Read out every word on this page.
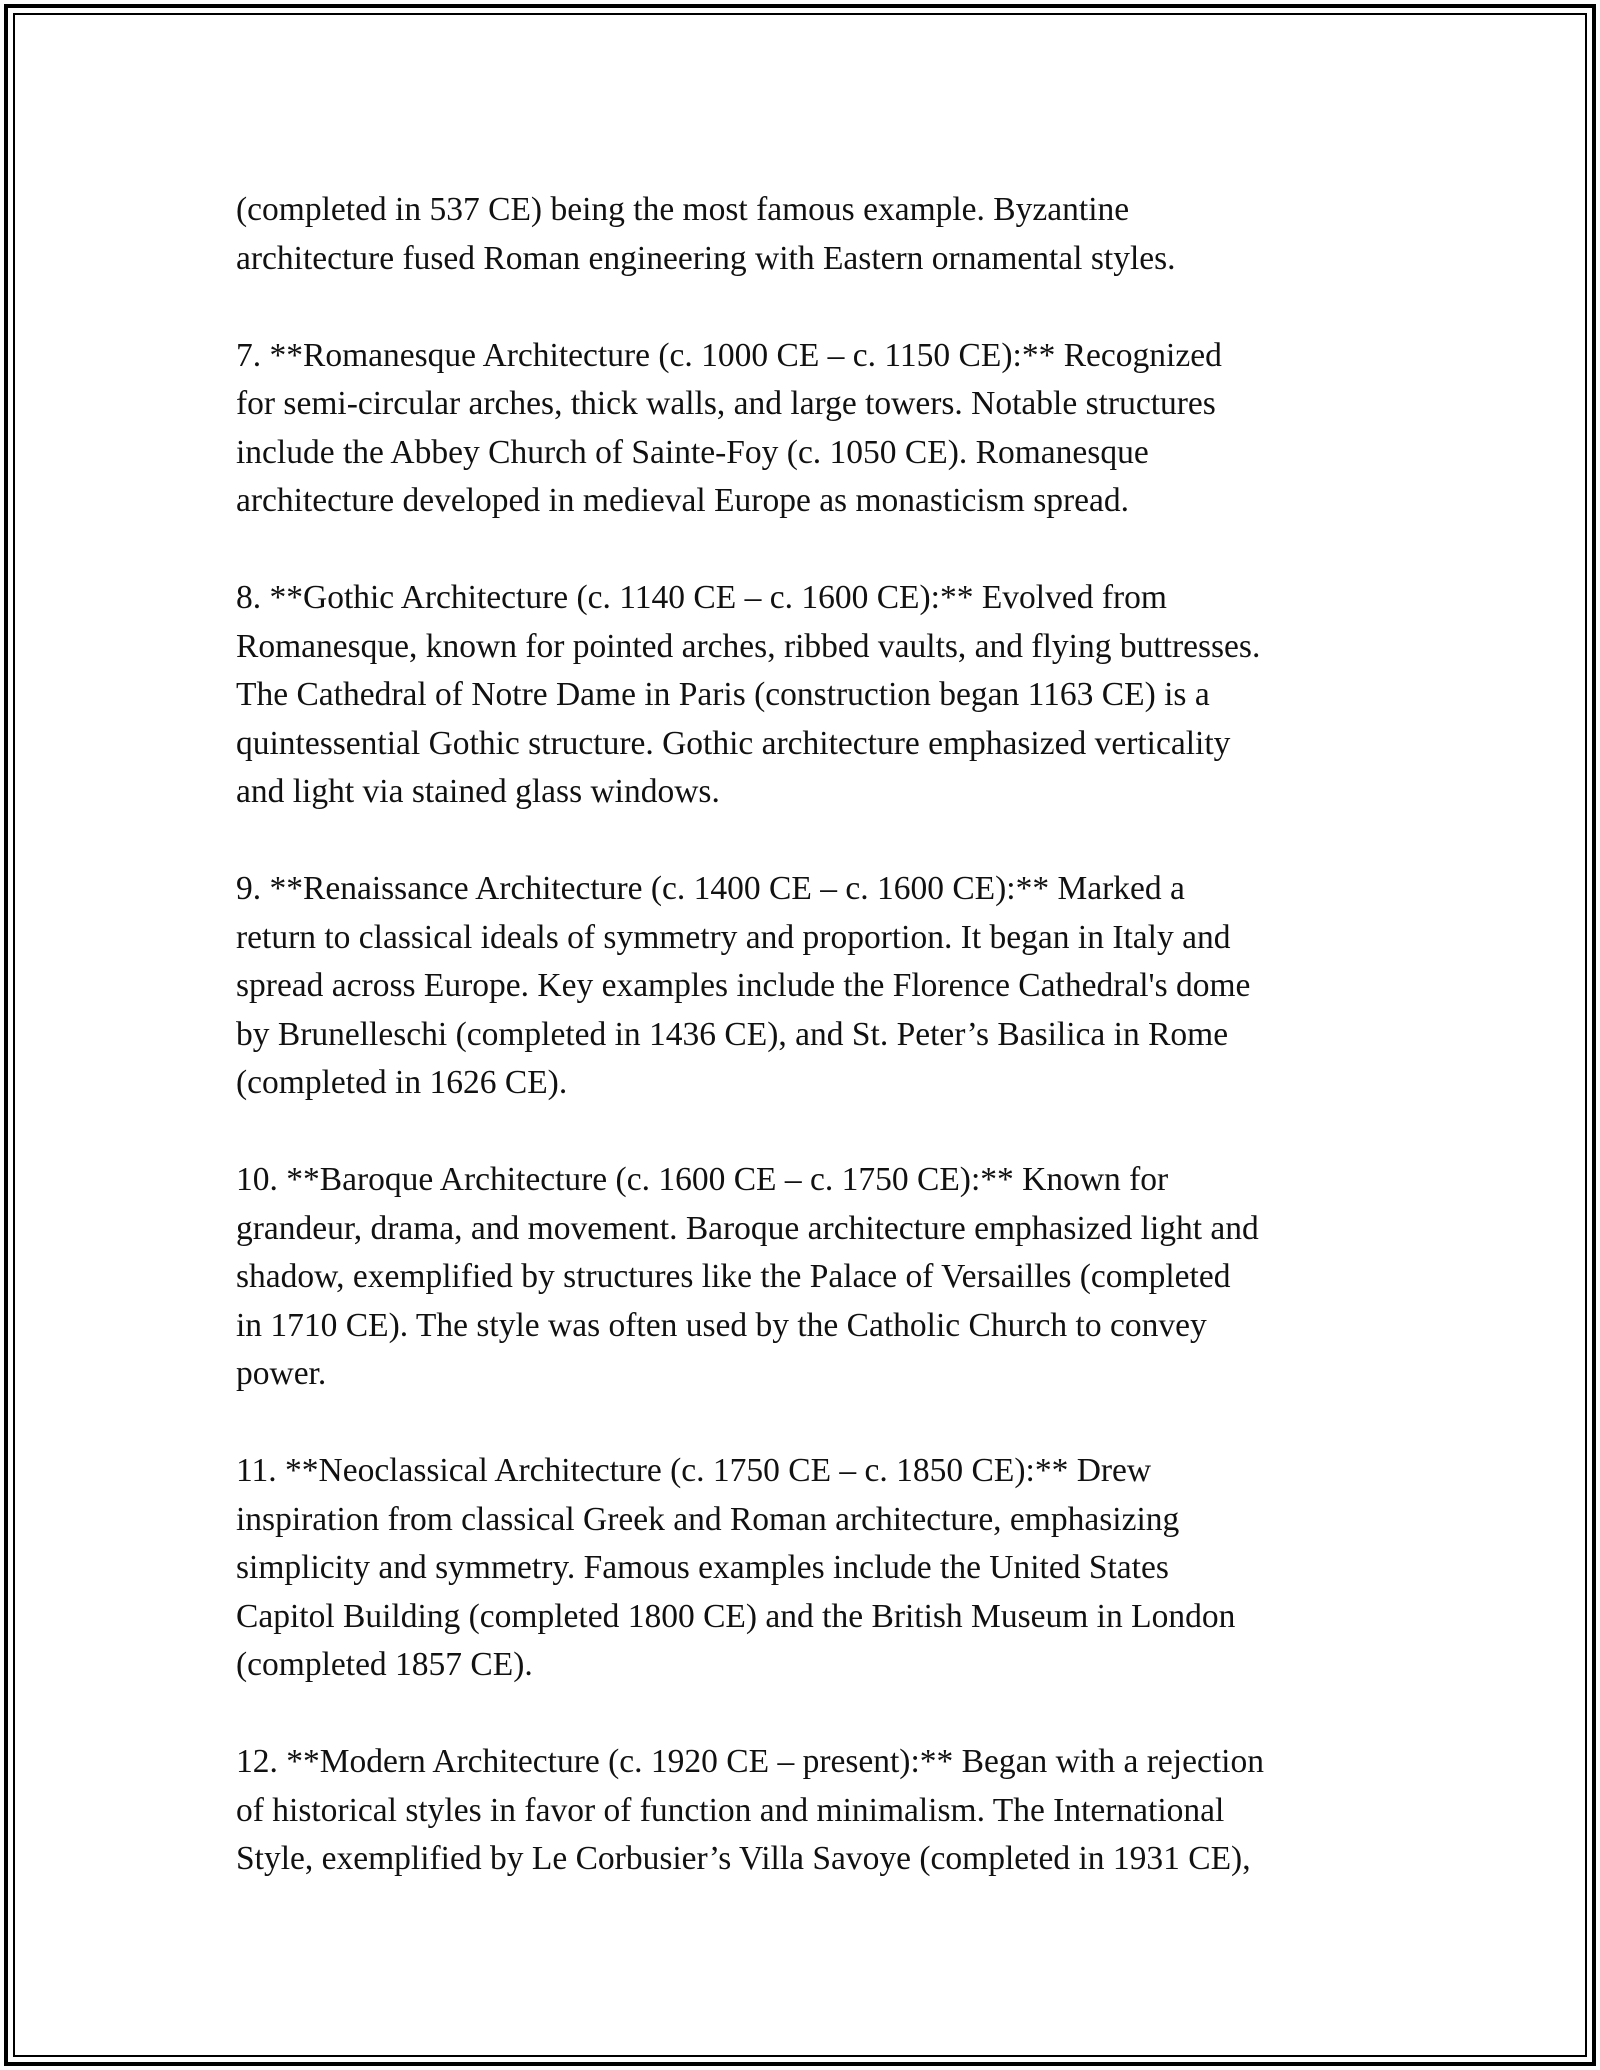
(completed in 537 CE) being the most famous example. Byzantine
architecture fused Roman engineering with Eastern ornamental styles.

7. **Romanesque Architecture (c. 1000 CE – c. 1150 CE):** Recognized
for semi-circular arches, thick walls, and large towers. Notable structures
include the Abbey Church of Sainte-Foy (c. 1050 CE). Romanesque
architecture developed in medieval Europe as monasticism spread.

8. **Gothic Architecture (c. 1140 CE – c. 1600 CE):** Evolved from
Romanesque, known for pointed arches, ribbed vaults, and flying buttresses.
The Cathedral of Notre Dame in Paris (construction began 1163 CE) is a
quintessential Gothic structure. Gothic architecture emphasized verticality
and light via stained glass windows.

9. **Renaissance Architecture (c. 1400 CE – c. 1600 CE):** Marked a
return to classical ideals of symmetry and proportion. It began in Italy and
spread across Europe. Key examples include the Florence Cathedral's dome
by Brunelleschi (completed in 1436 CE), and St. Peter’s Basilica in Rome
(completed in 1626 CE).

10. **Baroque Architecture (c. 1600 CE – c. 1750 CE):** Known for
grandeur, drama, and movement. Baroque architecture emphasized light and
shadow, exemplified by structures like the Palace of Versailles (completed
in 1710 CE). The style was often used by the Catholic Church to convey
power.

11. **Neoclassical Architecture (c. 1750 CE – c. 1850 CE):** Drew
inspiration from classical Greek and Roman architecture, emphasizing
simplicity and symmetry. Famous examples include the United States
Capitol Building (completed 1800 CE) and the British Museum in London
(completed 1857 CE).

12. **Modern Architecture (c. 1920 CE – present):** Began with a rejection
of historical styles in favor of function and minimalism. The International
Style, exemplified by Le Corbusier’s Villa Savoye (completed in 1931 CE),
